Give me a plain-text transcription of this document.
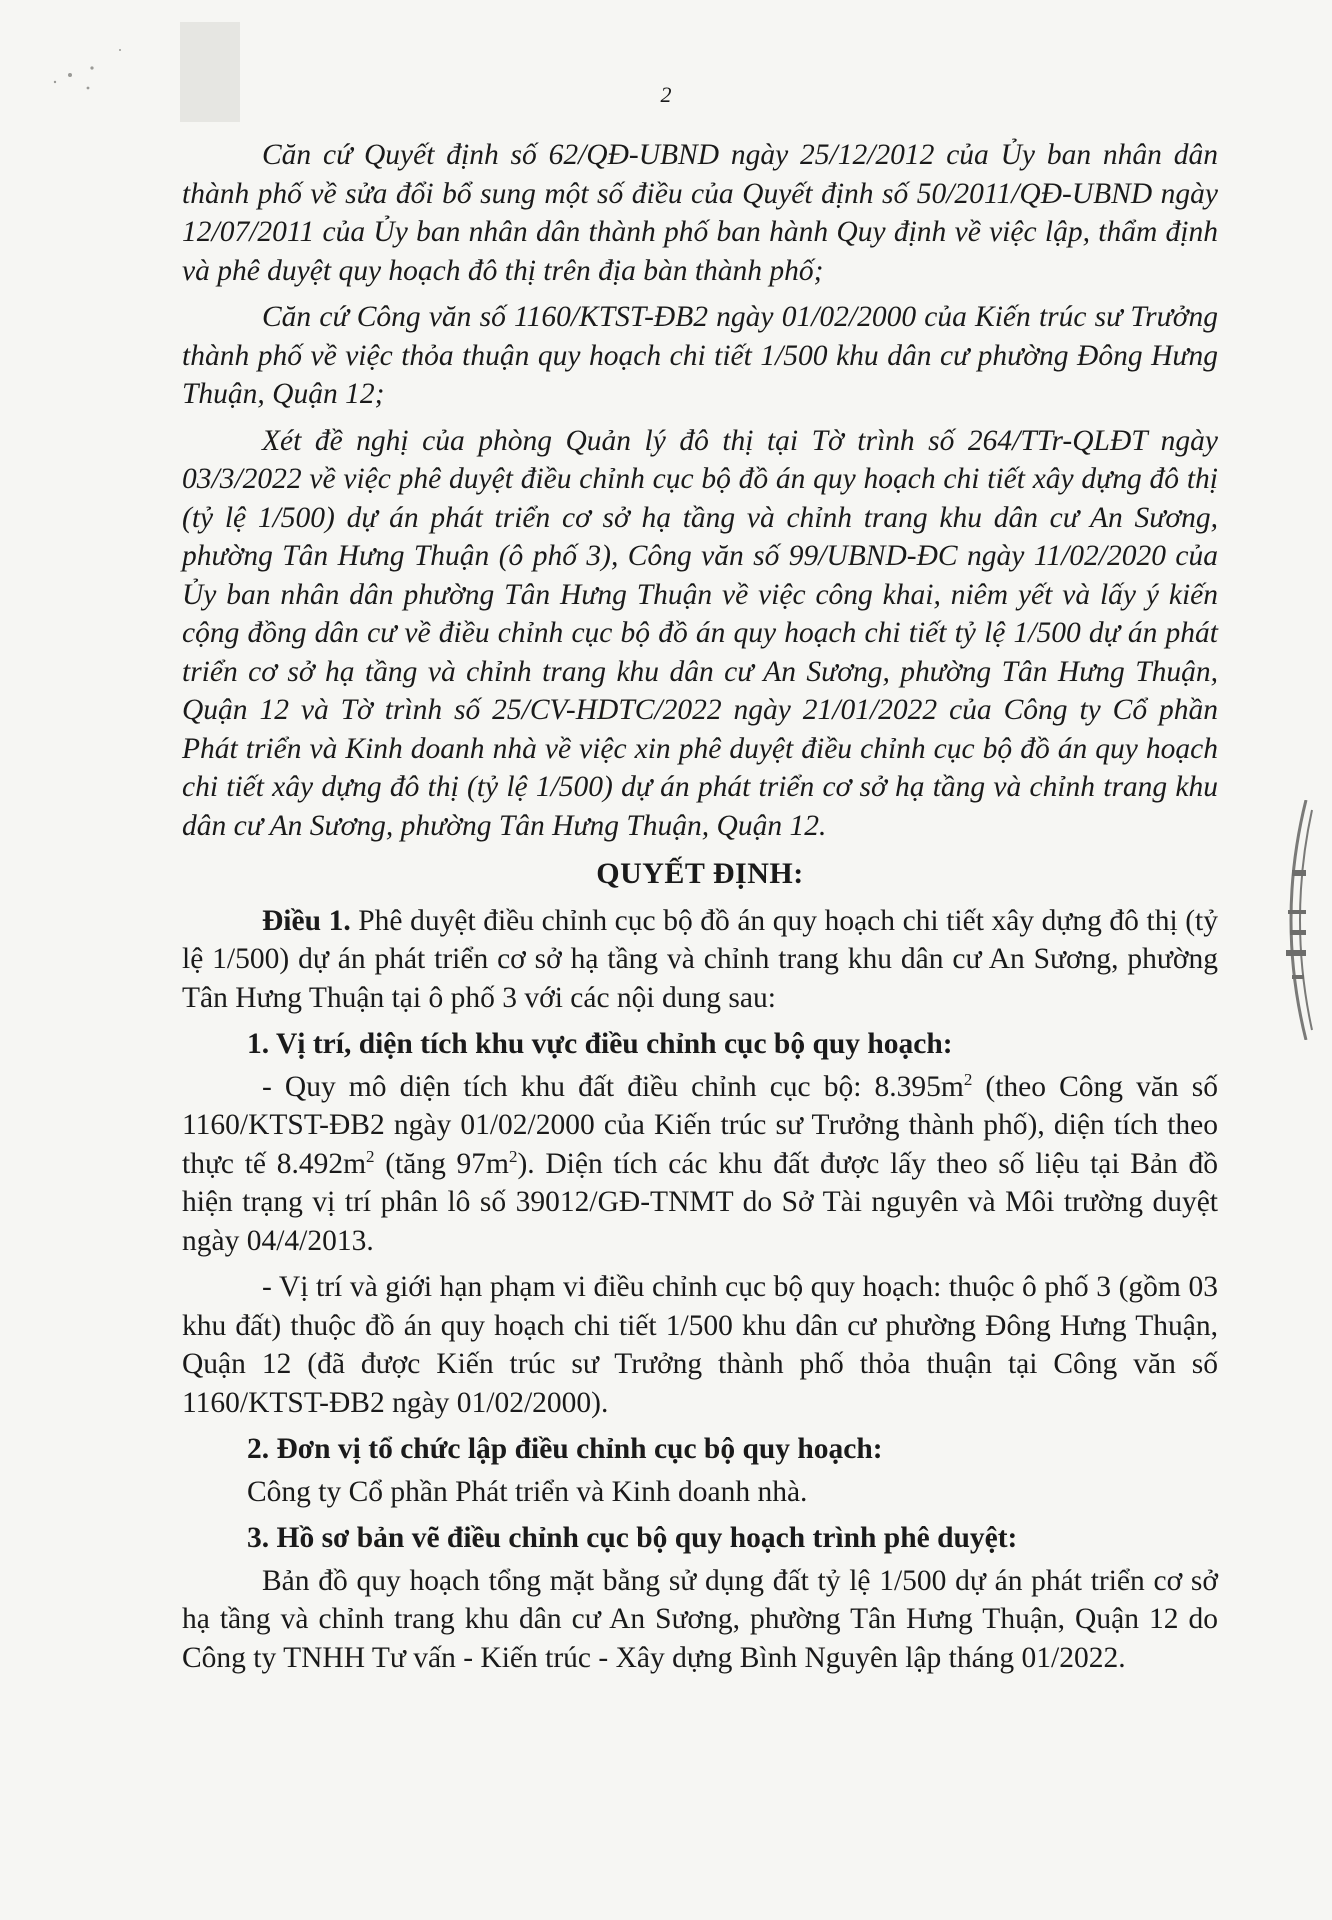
2

Căn cứ Quyết định số 62/QĐ-UBND ngày 25/12/2012 của Ủy ban nhân dân thành phố về sửa đổi bổ sung một số điều của Quyết định số 50/2011/QĐ-UBND ngày 12/07/2011 của Ủy ban nhân dân thành phố ban hành Quy định về việc lập, thẩm định và phê duyệt quy hoạch đô thị trên địa bàn thành phố;

Căn cứ Công văn số 1160/KTST-ĐB2 ngày 01/02/2000 của Kiến trúc sư Trưởng thành phố về việc thỏa thuận quy hoạch chi tiết 1/500 khu dân cư phường Đông Hưng Thuận, Quận 12;

Xét đề nghị của phòng Quản lý đô thị tại Tờ trình số 264/TTr-QLĐT ngày 03/3/2022 về việc phê duyệt điều chỉnh cục bộ đồ án quy hoạch chi tiết xây dựng đô thị (tỷ lệ 1/500) dự án phát triển cơ sở hạ tầng và chỉnh trang khu dân cư An Sương, phường Tân Hưng Thuận (ô phố 3), Công văn số 99/UBND-ĐC ngày 11/02/2020 của Ủy ban nhân dân phường Tân Hưng Thuận về việc công khai, niêm yết và lấy ý kiến cộng đồng dân cư về điều chỉnh cục bộ đồ án quy hoạch chi tiết tỷ lệ 1/500 dự án phát triển cơ sở hạ tầng và chỉnh trang khu dân cư An Sương, phường Tân Hưng Thuận, Quận 12 và Tờ trình số 25/CV-HDTC/2022 ngày 21/01/2022 của Công ty Cổ phần Phát triển và Kinh doanh nhà về việc xin phê duyệt điều chỉnh cục bộ đồ án quy hoạch chi tiết xây dựng đô thị (tỷ lệ 1/500) dự án phát triển cơ sở hạ tầng và chỉnh trang khu dân cư An Sương, phường Tân Hưng Thuận, Quận 12.

QUYẾT ĐỊNH:

Điều 1. Phê duyệt điều chỉnh cục bộ đồ án quy hoạch chi tiết xây dựng đô thị (tỷ lệ 1/500) dự án phát triển cơ sở hạ tầng và chỉnh trang khu dân cư An Sương, phường Tân Hưng Thuận tại ô phố 3 với các nội dung sau:

1. Vị trí, diện tích khu vực điều chỉnh cục bộ quy hoạch:

- Quy mô diện tích khu đất điều chỉnh cục bộ: $8.395m^2$ (theo Công văn số 1160/KTST-ĐB2 ngày 01/02/2000 của Kiến trúc sư Trưởng thành phố), diện tích theo thực tế $8.492m^2$ (tăng $97m^2$). Diện tích các khu đất được lấy theo số liệu tại Bản đồ hiện trạng vị trí phân lô số 39012/GĐ-TNMT do Sở Tài nguyên và Môi trường duyệt ngày 04/4/2013.

- Vị trí và giới hạn phạm vi điều chỉnh cục bộ quy hoạch: thuộc ô phố 3 (gồm 03 khu đất) thuộc đồ án quy hoạch chi tiết 1/500 khu dân cư phường Đông Hưng Thuận, Quận 12 (đã được Kiến trúc sư Trưởng thành phố thỏa thuận tại Công văn số 1160/KTST-ĐB2 ngày 01/02/2000).

2. Đơn vị tổ chức lập điều chỉnh cục bộ quy hoạch:

Công ty Cổ phần Phát triển và Kinh doanh nhà.

3. Hồ sơ bản vẽ điều chỉnh cục bộ quy hoạch trình phê duyệt:

Bản đồ quy hoạch tổng mặt bằng sử dụng đất tỷ lệ 1/500 dự án phát triển cơ sở hạ tầng và chỉnh trang khu dân cư An Sương, phường Tân Hưng Thuận, Quận 12 do Công ty TNHH Tư vấn - Kiến trúc - Xây dựng Bình Nguyên lập tháng 01/2022.
